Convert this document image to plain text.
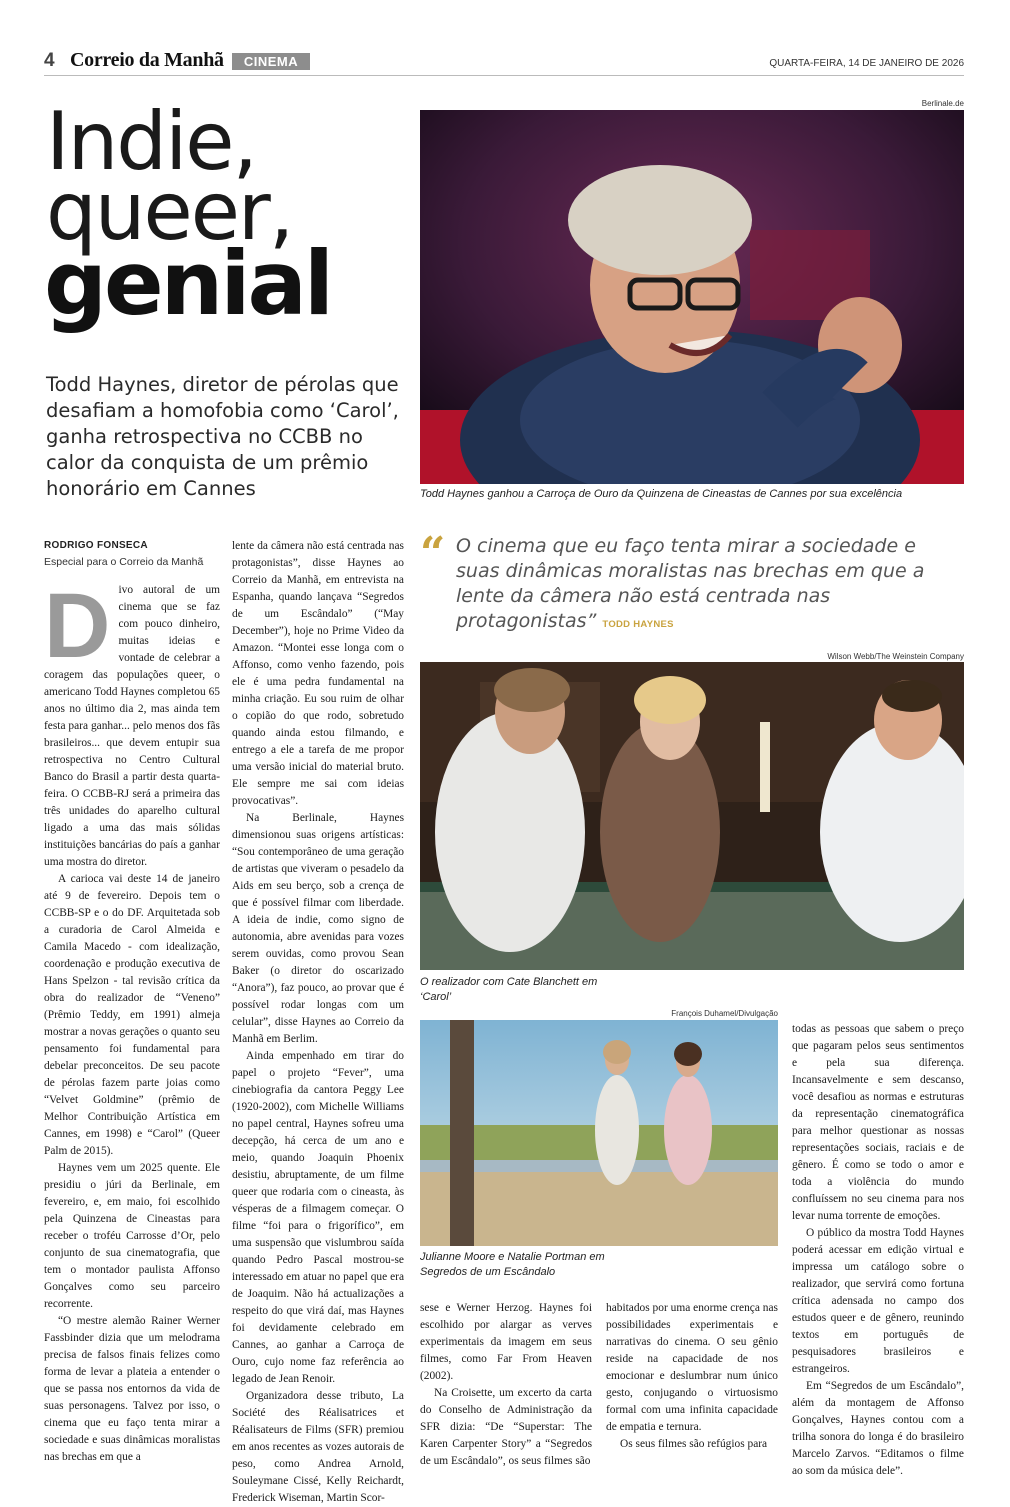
4 Correio da Manhã	CINEMA	QUARTA-FEIRA, 14 DE JANEIRO DE 2026
Indie,
queer,
genial
Todd Haynes, diretor de pérolas que desafiam a homofobia como ‘Carol’, ganha retrospectiva no CCBB no calor da conquista de um prêmio honorário em Cannes
Berlinale.de
Todd Haynes ganhou a Carroça de Ouro da Quinzena de Cineastas de Cannes por sua excelência
RODRIGO FONSECA
Especial para o Correio da Manhã
D ivo autoral de um cinema que se faz com pouco dinheiro, muitas ideias e vontade de celebrar a coragem das populações queer, o americano Todd Haynes completou 65 anos no último dia 2, mas ainda tem festa para ganhar... pelo menos dos fãs brasileiros... que devem entupir sua retrospectiva no Centro Cultural Banco do Brasil a partir desta quarta-feira. O CCBB-RJ será a primeira das três unidades do aparelho cultural ligado a uma das mais sólidas instituições bancárias do país a ganhar uma mostra do diretor.

A carioca vai deste 14 de janeiro até 9 de fevereiro. Depois tem o CCBB-SP e o do DF. Arquitetada sob a curadoria de Carol Almeida e Camila Macedo - com idealização, coordenação e produção executiva de Hans Spelzon - tal revisão crítica da obra do realizador de “Veneno” (Prêmio Teddy, em 1991) almeja mostrar a novas gerações o quanto seu pensamento foi fundamental para debelar preconceitos. De seu pacote de pérolas fazem parte joias como “Velvet Goldmine” (prêmio de Melhor Contribuição Artística em Cannes, em 1998) e “Carol” (Queer Palm de 2015).

Haynes vem um 2025 quente. Ele presidiu o júri da Berlinale, em fevereiro, e, em maio, foi escolhido pela Quinzena de Cineastas para receber o troféu Carrosse d’Or, pelo conjunto de sua cinematografia, que tem o montador paulista Affonso Gonçalves como seu parceiro recorrente.

“O mestre alemão Rainer Werner Fassbinder dizia que um melodrama precisa de falsos finais felizes como forma de levar a plateia a entender o que se passa nos entornos da vida de suas personagens. Talvez por isso, o cinema que eu faço tenta mirar a sociedade e suas dinâmicas moralistas nas brechas em que a

lente da câmera não está centrada nas protagonistas”, disse Haynes ao Correio da Manhã, em entrevista na Espanha, quando lançava “Segredos de um Escândalo” (“May December”), hoje no Prime Video da Amazon. “Montei esse longa com o Affonso, como venho fazendo, pois ele é uma pedra fundamental na minha criação. Eu sou ruim de olhar o copião do que rodo, sobretudo quando ainda estou filmando, e entrego a ele a tarefa de me propor uma versão inicial do material bruto. Ele sempre me sai com ideias provocativas”.

Na Berlinale, Haynes dimensionou suas origens artísticas: “Sou contemporâneo de uma geração de artistas que viveram o pesadelo da Aids em seu berço, sob a crença de que é possível filmar com liberdade. A ideia de indie, como signo de autonomia, abre avenidas para vozes serem ouvidas, como provou Sean Baker (o diretor do oscarizado “Anora”), faz pouco, ao provar que é possível rodar longas com um celular”, disse Haynes ao Correio da Manhã em Berlim.

Ainda empenhado em tirar do papel o projeto “Fever”, uma cinebiografia da cantora Peggy Lee (1920-2002), com Michelle Williams no papel central, Haynes sofreu uma decepção, há cerca de um ano e meio, quando Joaquin Phoenix desistiu, abruptamente, de um filme queer que rodaria com o cineasta, às vésperas de a filmagem começar. O filme “foi para o frigorífico”, em uma suspensão que vislumbrou saída quando Pedro Pascal mostrou-se interessado em atuar no papel que era de Joaquim. Não há actualizações a respeito do que virá daí, mas Haynes foi devidamente celebrado em Cannes, ao ganhar a Carroça de Ouro, cujo nome faz referência ao legado de Jean Renoir.

Organizadora desse tributo, La Société des Réalisatrices et Réalisateurs de Films (SFR) premiou em anos recentes as vozes autorais de peso, como Andrea Arnold, Souleymane Cissé, Kelly Reichardt, Frederick Wiseman, Martin Scor-

“ O cinema que eu faço tenta mirar a sociedade e suas dinâmicas moralistas nas brechas em que a lente da câmera não está centrada nas protagonistas” TODD HAYNES
Wilson Webb/The Weinstein Company
O realizador com Cate Blanchett em ‘Carol’
François Duhamel/Divulgação
Julianne Moore e Natalie Portman em Segredos de um Escândalo

sese e Werner Herzog. Haynes foi escolhido por alargar as verves experimentais da imagem em seus filmes, como Far From Heaven (2002).

Na Croisette, um excerto da carta do Conselho de Administração da SFR dizia: “De “Superstar: The Karen Carpenter Story” a “Segredos de um Escândalo”, os seus filmes são

habitados por uma enorme crença nas possibilidades experimentais e narrativas do cinema. O seu gênio reside na capacidade de nos emocionar e deslumbrar num único gesto, conjugando o virtuosismo formal com uma infinita capacidade de empatia e ternura.

Os seus filmes são refúgios para

todas as pessoas que sabem o preço que pagaram pelos seus sentimentos e pela sua diferença. Incansavelmente e sem descanso, você desafiou as normas e estruturas da representação cinematográfica para melhor questionar as nossas representações sociais, raciais e de gênero. É como se todo o amor e toda a violência do mundo confluíssem no seu cinema para nos levar numa torrente de emoções.

O público da mostra Todd Haynes poderá acessar em edição virtual e impressa um catálogo sobre o realizador, que servirá como fortuna crítica adensada no campo dos estudos queer e de gênero, reunindo textos em português de pesquisadores brasileiros e estrangeiros.

Em “Segredos de um Escândalo”, além da montagem de Affonso Gonçalves, Haynes contou com a trilha sonora do longa é do brasileiro Marcelo Zarvos. “Editamos o filme ao som da música dele”.
